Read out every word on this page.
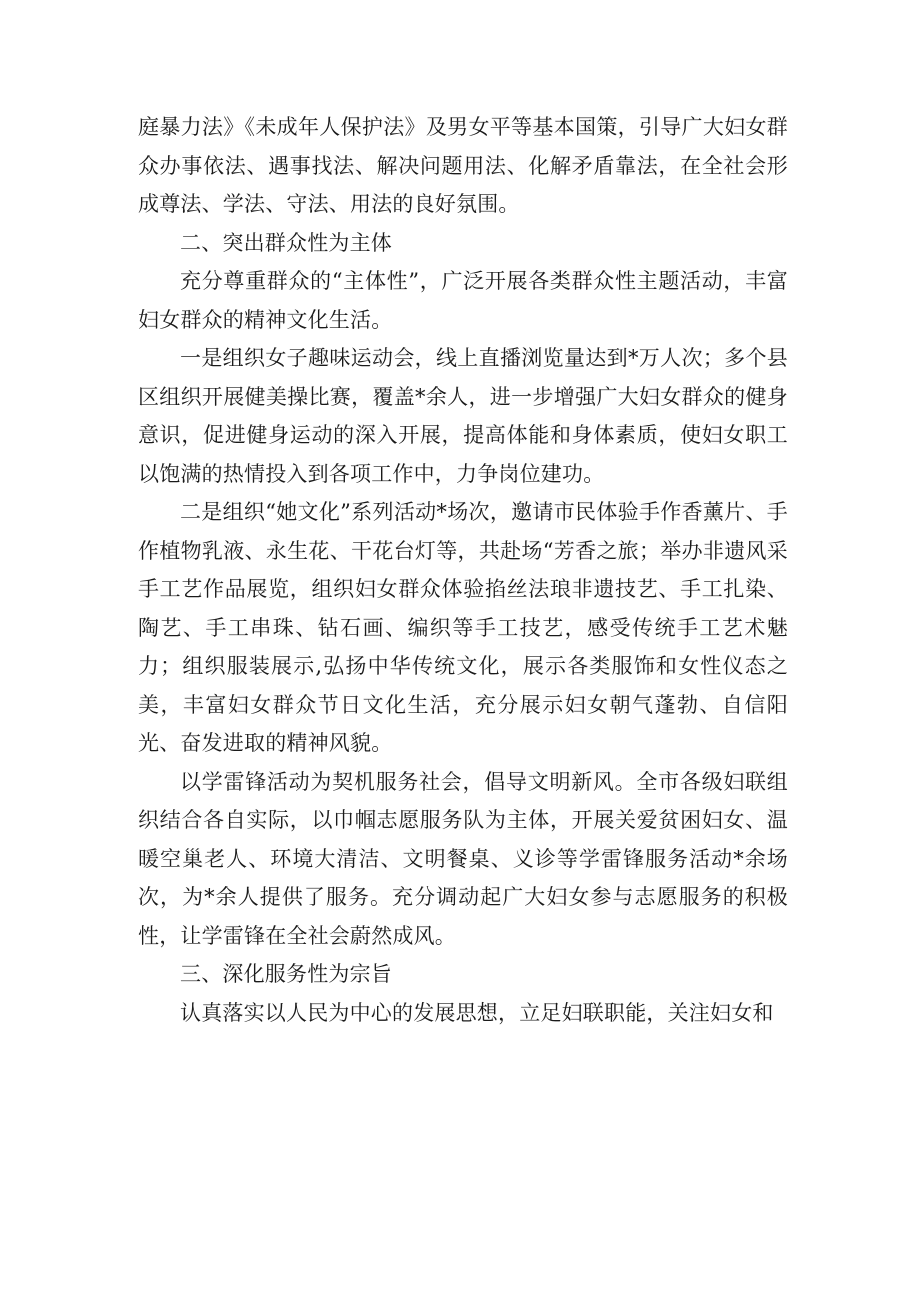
庭暴力法》《未成年人保护法》及男女平等基本国策，引导广大妇女群众办事依法、遇事找法、解决问题用法、化解矛盾靠法，在全社会形成尊法、学法、守法、用法的良好氛围。

二、突出群众性为主体

充分尊重群众的“主体性”，广泛开展各类群众性主题活动，丰富妇女群众的精神文化生活。

一是组织女子趣味运动会，线上直播浏览量达到*万人次；多个县区组织开展健美操比赛，覆盖*余人，进一步增强广大妇女群众的健身意识，促进健身运动的深入开展，提高体能和身体素质，使妇女职工以饱满的热情投入到各项工作中，力争岗位建功。

二是组织“她文化”系列活动*场次，邀请市民体验手作香薰片、手作植物乳液、永生花、干花台灯等，共赴场“芳香之旅；举办非遗风采手工艺作品展览，组织妇女群众体验掐丝法琅非遗技艺、手工扎染、陶艺、手工串珠、钻石画、编织等手工技艺，感受传统手工艺术魅力；组织服装展示,弘扬中华传统文化，展示各类服饰和女性仪态之美，丰富妇女群众节日文化生活，充分展示妇女朝气蓬勃、自信阳光、奋发进取的精神风貌。

以学雷锋活动为契机服务社会，倡导文明新风。全市各级妇联组织结合各自实际，以巾帼志愿服务队为主体，开展关爱贫困妇女、温暖空巢老人、环境大清洁、文明餐桌、义诊等学雷锋服务活动*余场次，为*余人提供了服务。充分调动起广大妇女参与志愿服务的积极性，让学雷锋在全社会蔚然成风。

三、深化服务性为宗旨

认真落实以人民为中心的发展思想，立足妇联职能，关注妇女和
